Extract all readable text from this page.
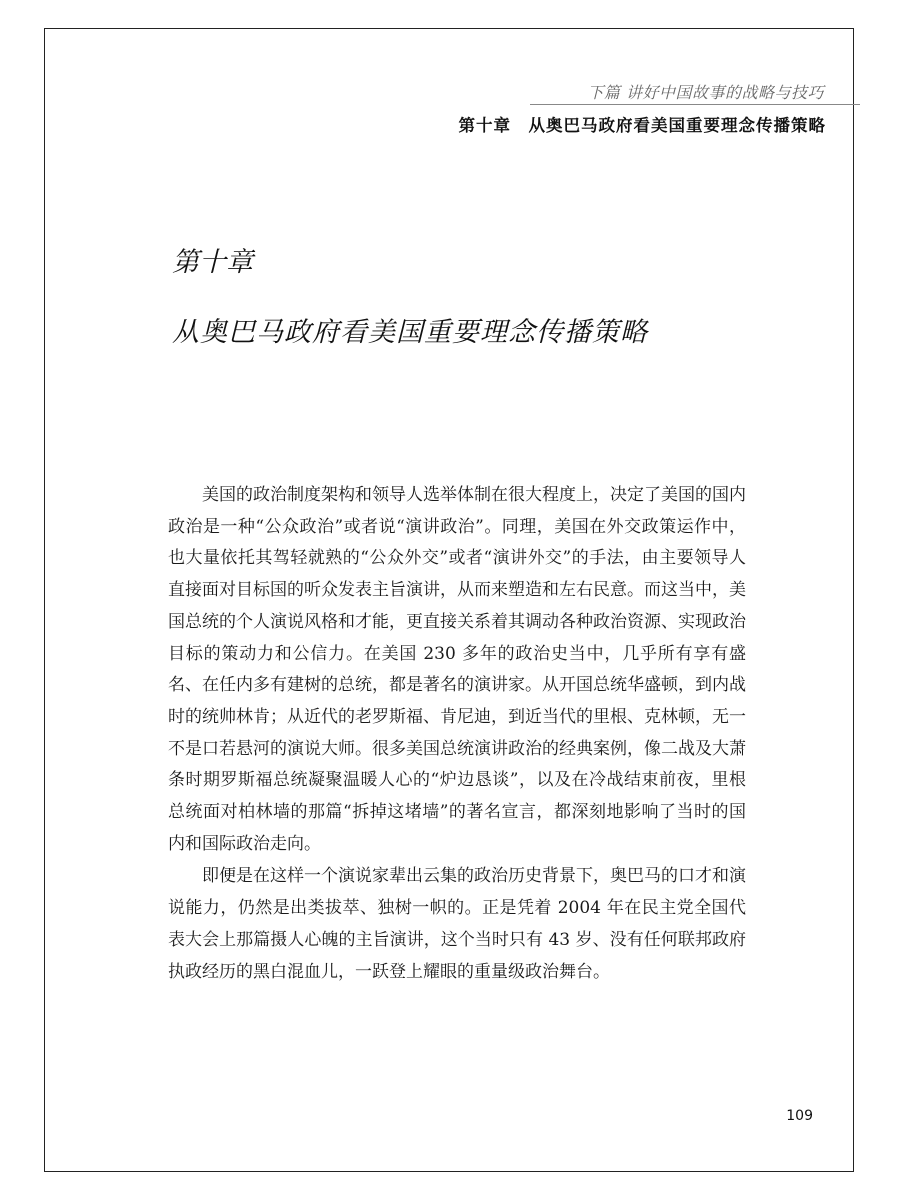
下篇 讲好中国故事的战略与技巧
第十章　从奥巴马政府看美国重要理念传播策略
第十章
从奥巴马政府看美国重要理念传播策略

美国的政治制度架构和领导人选举体制在很大程度上，决定了美国的国内政治是一种“公众政治”或者说“演讲政治”。同理，美国在外交政策运作中，也大量依托其驾轻就熟的“公众外交”或者“演讲外交”的手法，由主要领导人直接面对目标国的听众发表主旨演讲，从而来塑造和左右民意。而这当中，美国总统的个人演说风格和才能，更直接关系着其调动各种政治资源、实现政治目标的策动力和公信力。在美国 230 多年的政治史当中，几乎所有享有盛名、在任内多有建树的总统，都是著名的演讲家。从开国总统华盛顿，到内战时的统帅林肯；从近代的老罗斯福、肯尼迪，到近当代的里根、克林顿，无一不是口若悬河的演说大师。很多美国总统演讲政治的经典案例，像二战及大萧条时期罗斯福总统凝聚温暖人心的“炉边恳谈”，以及在冷战结束前夜，里根总统面对柏林墙的那篇“拆掉这堵墙”的著名宣言，都深刻地影响了当时的国内和国际政治走向。

即便是在这样一个演说家辈出云集的政治历史背景下，奥巴马的口才和演说能力，仍然是出类拔萃、独树一帜的。正是凭着 2004 年在民主党全国代表大会上那篇摄人心魄的主旨演讲，这个当时只有 43 岁、没有任何联邦政府执政经历的黑白混血儿，一跃登上耀眼的重量级政治舞台。

109
